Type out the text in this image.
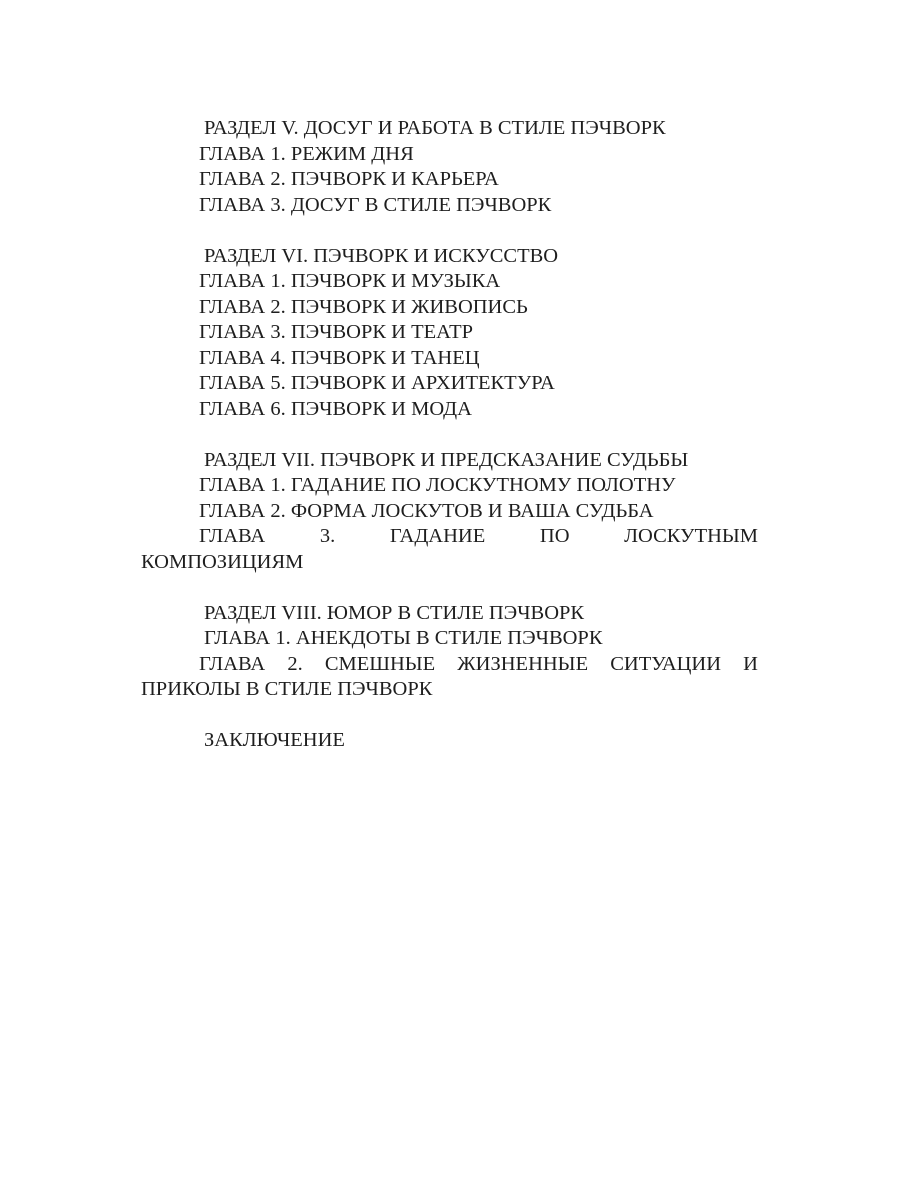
РАЗДЕЛ V. ДОСУГ И РАБОТА В СТИЛЕ ПЭЧВОРК
ГЛАВА 1. РЕЖИМ ДНЯ
ГЛАВА 2. ПЭЧВОРК И КАРЬЕРА
ГЛАВА 3. ДОСУГ В СТИЛЕ ПЭЧВОРК
РАЗДЕЛ VI. ПЭЧВОРК И ИСКУССТВО
ГЛАВА 1. ПЭЧВОРК И МУЗЫКА
ГЛАВА 2. ПЭЧВОРК И ЖИВОПИСЬ
ГЛАВА 3. ПЭЧВОРК И ТЕАТР
ГЛАВА 4. ПЭЧВОРК И ТАНЕЦ
ГЛАВА 5. ПЭЧВОРК И АРХИТЕКТУРА
ГЛАВА 6. ПЭЧВОРК И МОДА
РАЗДЕЛ VII. ПЭЧВОРК И ПРЕДСКАЗАНИЕ СУДЬБЫ
ГЛАВА 1. ГАДАНИЕ ПО ЛОСКУТНОМУ ПОЛОТНУ
ГЛАВА 2. ФОРМА ЛОСКУТОВ И ВАША СУДЬБА
ГЛАВА 3. ГАДАНИЕ ПО ЛОСКУТНЫМ
КОМПОЗИЦИЯМ
РАЗДЕЛ VIII. ЮМОР В СТИЛЕ ПЭЧВОРК
ГЛАВА 1. АНЕКДОТЫ В СТИЛЕ ПЭЧВОРК
ГЛАВА 2. СМЕШНЫЕ ЖИЗНЕННЫЕ СИТУАЦИИ И
ПРИКОЛЫ В СТИЛЕ ПЭЧВОРК
ЗАКЛЮЧЕНИЕ
